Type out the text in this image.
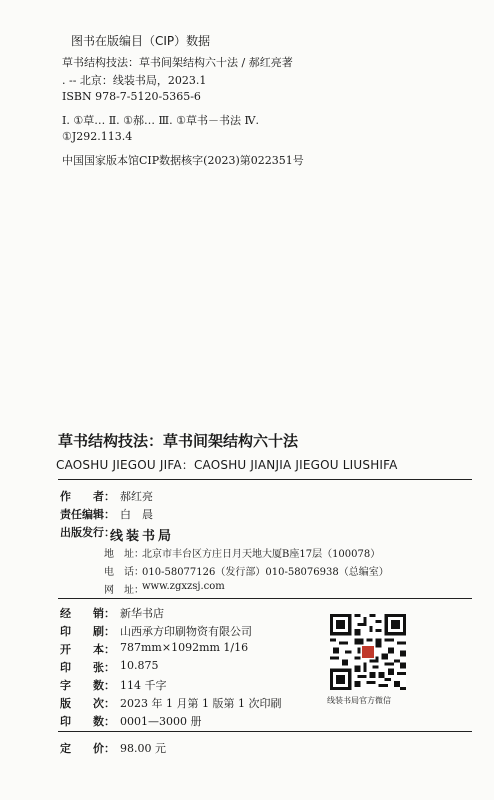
图书在版编目（CIP）数据
草书结构技法：草书间架结构六十法 / 郝红亮著
. -- 北京：线装书局，2023.1
ISBN 978-7-5120-5365-6
Ⅰ. ①草… Ⅱ. ①郝… Ⅲ. ①草书－书法 Ⅳ.
①J292.113.4
中国国家版本馆CIP数据核字(2023)第022351号
草书结构技法：草书间架结构六十法
CAOSHU JIEGOU JIFA：CAOSHU JIANJIA JIEGOU LIUSHIFA
作　　者： 郝红亮
责任编辑： 白　晨
出版发行：
线装书局
地　址：
北京市丰台区方庄日月天地大厦B座17层（100078）
电　话：
010-58077126（发行部）010-58076938（总编室）
网　址：
www.zgxzsj.com
经　　销： 新华书店
印　　刷： 山西承方印刷物资有限公司
开　　本： 787mm×1092mm 1/16
印　　张： 10.875
字　　数： 114 千字
版　　次： 2023 年 1 月第 1 版第 1 次印刷
印　　数： 0001—3000 册
定　　价： 98.00 元
线装书局官方微信
